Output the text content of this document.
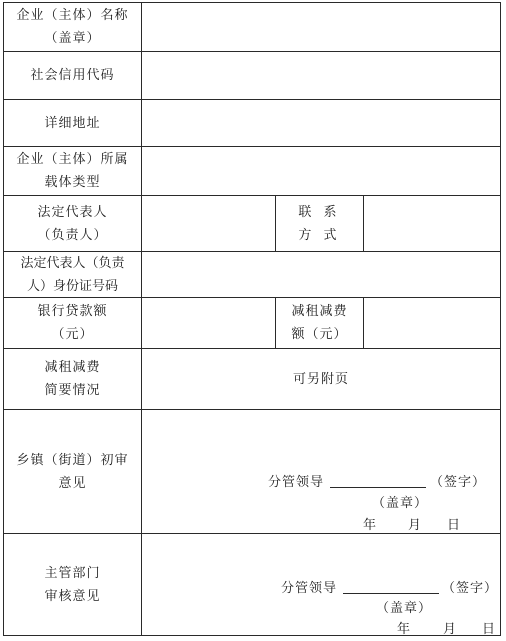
企业（主体）名称
（盖章）
社会信用代码
详细地址
企业（主体）所属
载体类型
法定代表人
（负责人）
联 系
方 式
法定代表人（负责
人）身份证号码
银行贷款额
（元）
减租减费
额（元）
减租减费
简要情况
可另附页
乡镇（街道）初审
意见
主管部门
审核意见
分管领导	（签字）
（盖章）
年 月 日
分管领导	（签字）
（盖章）
年 月 日
